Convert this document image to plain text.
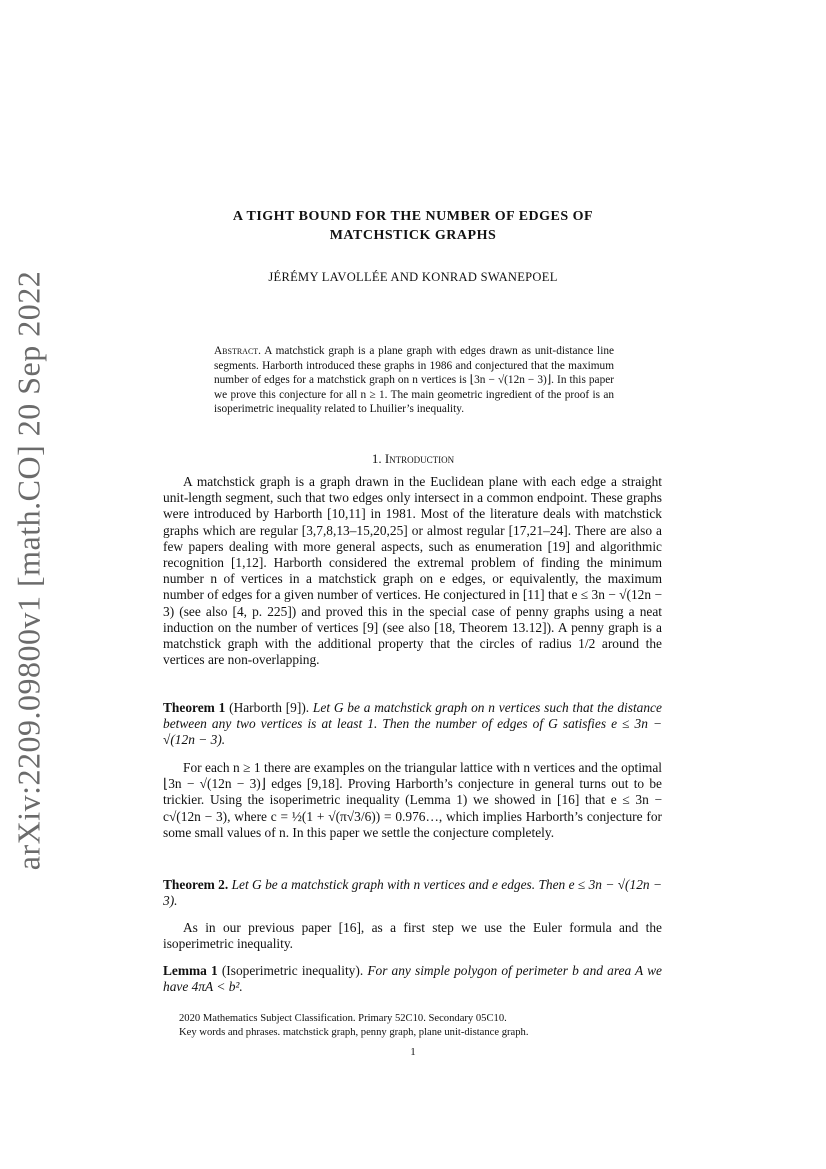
arXiv:2209.09800v1 [math.CO] 20 Sep 2022
A TIGHT BOUND FOR THE NUMBER OF EDGES OF
MATCHSTICK GRAPHS
JÉRÉMY LAVOLLÉE AND KONRAD SWANEPOEL
Abstract. A matchstick graph is a plane graph with edges drawn as unit-distance line segments. Harborth introduced these graphs in 1986 and conjectured that the maximum number of edges for a matchstick graph on n vertices is ⌊3n − √(12n − 3)⌋. In this paper we prove this conjecture for all n ≥ 1. The main geometric ingredient of the proof is an isoperimetric inequality related to Lhuilier’s inequality.
1. Introduction

A matchstick graph is a graph drawn in the Euclidean plane with each edge a straight unit-length segment, such that two edges only intersect in a common endpoint. These graphs were introduced by Harborth [10,11] in 1981. Most of the literature deals with matchstick graphs which are regular [3,7,8,13–15,20,25] or almost regular [17,21–24]. There are also a few papers dealing with more general aspects, such as enumeration [19] and algorithmic recognition [1,12]. Harborth considered the extremal problem of finding the minimum number n of vertices in a matchstick graph on e edges, or equivalently, the maximum number of edges for a given number of vertices. He conjectured in [11] that e ≤ 3n − √(12n − 3) (see also [4, p. 225]) and proved this in the special case of penny graphs using a neat induction on the number of vertices [9] (see also [18, Theorem 13.12]). A penny graph is a matchstick graph with the additional property that the circles of radius 1/2 around the vertices are non-overlapping.

Theorem 1 (Harborth [9]). Let G be a matchstick graph on n vertices such that the distance between any two vertices is at least 1. Then the number of edges of G satisfies e ≤ 3n − √(12n − 3).

For each n ≥ 1 there are examples on the triangular lattice with n vertices and the optimal ⌊3n − √(12n − 3)⌋ edges [9,18]. Proving Harborth’s conjecture in general turns out to be trickier. Using the isoperimetric inequality (Lemma 1) we showed in [16] that e ≤ 3n − c√(12n − 3), where c = ½(1 + √(π√3/6)) = 0.976…, which implies Harborth’s conjecture for some small values of n. In this paper we settle the conjecture completely.

Theorem 2. Let G be a matchstick graph with n vertices and e edges. Then e ≤ 3n − √(12n − 3).

As in our previous paper [16], as a first step we use the Euler formula and the isoperimetric inequality.

Lemma 1 (Isoperimetric inequality). For any simple polygon of perimeter b and area A we have 4πA < b².

2020 Mathematics Subject Classification. Primary 52C10. Secondary 05C10.

Key words and phrases. matchstick graph, penny graph, plane unit-distance graph.

1
